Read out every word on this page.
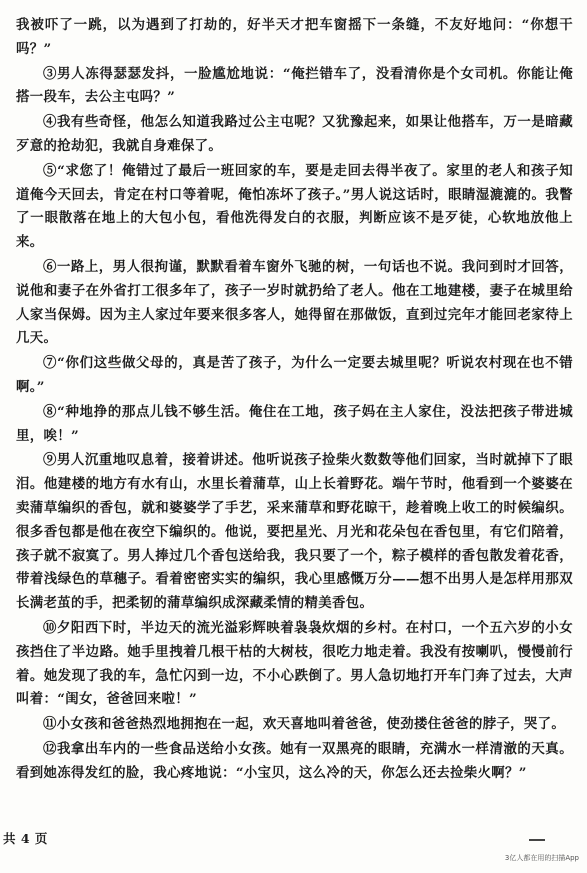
我被吓了一跳，以为遇到了打劫的，好半天才把车窗摇下一条缝，不友好地问：“你想干吗？”

③男人冻得瑟瑟发抖，一脸尴尬地说：“俺拦错车了，没看清你是个女司机。你能让俺搭一段车，去公主屯吗？”

④我有些奇怪，他怎么知道我路过公主屯呢？又犹豫起来，如果让他搭车，万一是暗藏歹意的抢劫犯，我就自身难保了。

⑤“求您了！俺错过了最后一班回家的车，要是走回去得半夜了。家里的老人和孩子知道俺今天回去，肯定在村口等着呢，俺怕冻坏了孩子。”男人说这话时，眼睛湿漉漉的。我瞥了一眼散落在地上的大包小包，看他洗得发白的衣服，判断应该不是歹徒，心软地放他上来。

⑥一路上，男人很拘谨，默默看着车窗外飞驰的树，一句话也不说。我问到时才回答，说他和妻子在外省打工很多年了，孩子一岁时就扔给了老人。他在工地建楼，妻子在城里给人家当保姆。因为主人家过年要来很多客人，她得留在那做饭，直到过完年才能回老家待上几天。

⑦“你们这些做父母的，真是苦了孩子，为什么一定要去城里呢？听说农村现在也不错啊。”

⑧“种地挣的那点儿钱不够生活。俺住在工地，孩子妈在主人家住，没法把孩子带进城里，唉！”

⑨男人沉重地叹息着，接着讲述。他听说孩子捡柴火数数等他们回家，当时就掉下了眼泪。他建楼的地方有水有山，水里长着蒲草，山上长着野花。端午节时，他看到一个婆婆在卖蒲草编织的香包，就和婆婆学了手艺，采来蒲草和野花晾干，趁着晚上收工的时候编织。很多香包都是他在夜空下编织的。他说，要把星光、月光和花朵包在香包里，有它们陪着，孩子就不寂寞了。男人捧过几个香包送给我，我只要了一个，粽子模样的香包散发着花香，带着浅绿色的草穗子。看着密密实实的编织，我心里感慨万分——想不出男人是怎样用那双长满老茧的手，把柔韧的蒲草编织成深藏柔情的精美香包。

⑩夕阳西下时，半边天的流光溢彩辉映着袅袅炊烟的乡村。在村口，一个五六岁的小女孩挡住了半边路。她手里拽着几根干枯的大树枝，很吃力地走着。我没有按喇叭，慢慢前行着。她发现了我的车，急忙闪到一边，不小心跌倒了。男人急切地打开车门奔了过去，大声叫着：“闺女，爸爸回来啦！”

⑪小女孩和爸爸热烈地拥抱在一起，欢天喜地叫着爸爸，使劲搂住爸爸的脖子，哭了。

⑫我拿出车内的一些食品送给小女孩。她有一双黑亮的眼睛，充满水一样清澈的天真。看到她冻得发红的脸，我心疼地说：“小宝贝，这么冷的天，你怎么还去捡柴火啊？”

共 4 页
3亿人都在用的扫描App
